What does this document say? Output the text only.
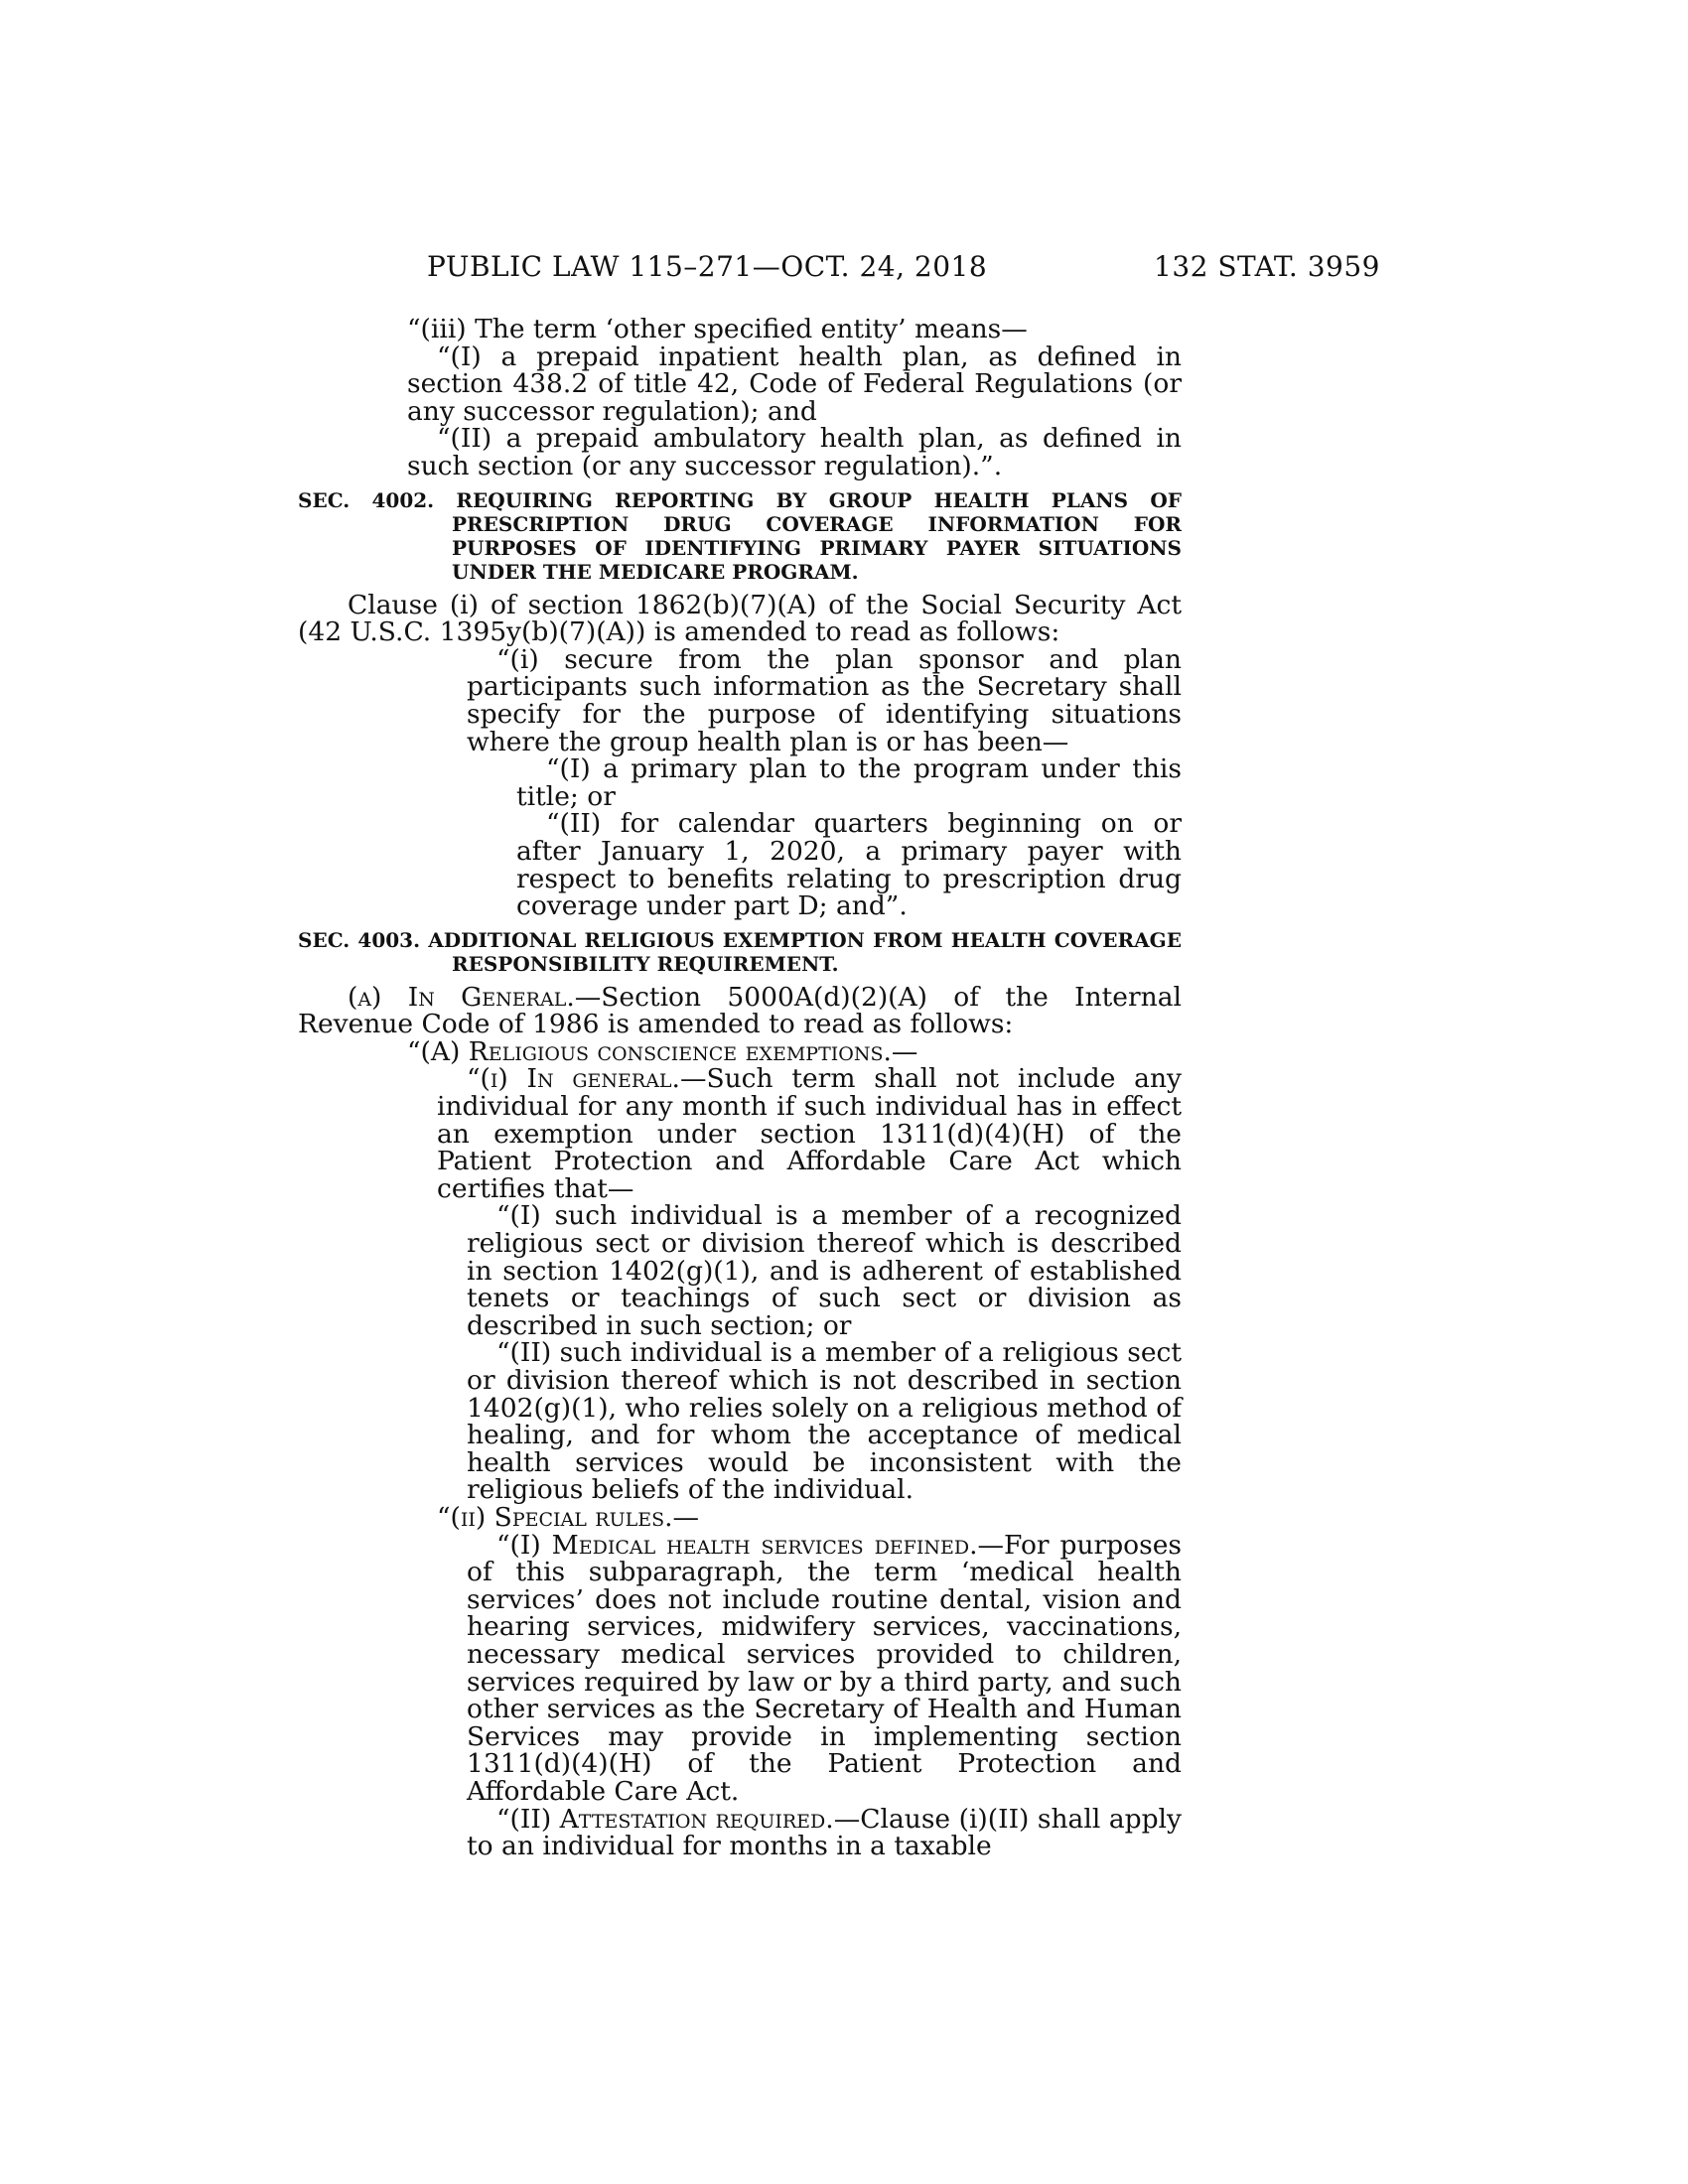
PUBLIC LAW 115–271—OCT. 24, 2018	132 STAT. 3959

“(iii) The term ‘other specified entity’ means—

“(I) a prepaid inpatient health plan, as defined in section 438.2 of title 42, Code of Federal Regulations (or any successor regulation); and

“(II) a prepaid ambulatory health plan, as defined in such section (or any successor regulation).”.

SEC. 4002. REQUIRING REPORTING BY GROUP HEALTH PLANS OF PRESCRIPTION DRUG COVERAGE INFORMATION FOR PURPOSES OF IDENTIFYING PRIMARY PAYER SITUATIONS UNDER THE MEDICARE PROGRAM.

Clause (i) of section 1862(b)(7)(A) of the Social Security Act (42 U.S.C. 1395y(b)(7)(A)) is amended to read as follows:

“(i) secure from the plan sponsor and plan participants such information as the Secretary shall specify for the purpose of identifying situations where the group health plan is or has been—

“(I) a primary plan to the program under this title; or

“(II) for calendar quarters beginning on or after January 1, 2020, a primary payer with respect to benefits relating to prescription drug coverage under part D; and”.

SEC. 4003. ADDITIONAL RELIGIOUS EXEMPTION FROM HEALTH COVERAGE RESPONSIBILITY REQUIREMENT.

(a) In General.—Section 5000A(d)(2)(A) of the Internal Revenue Code of 1986 is amended to read as follows:

“(A) Religious conscience exemptions.—

“(i) In general.—Such term shall not include any individual for any month if such individual has in effect an exemption under section 1311(d)(4)(H) of the Patient Protection and Affordable Care Act which certifies that—

“(I) such individual is a member of a recognized religious sect or division thereof which is described in section 1402(g)(1), and is adherent of established tenets or teachings of such sect or division as described in such section; or

“(II) such individual is a member of a religious sect or division thereof which is not described in section 1402(g)(1), who relies solely on a religious method of healing, and for whom the acceptance of medical health services would be inconsistent with the religious beliefs of the individual.

“(ii) Special rules.—

“(I) Medical health services defined.—For purposes of this subparagraph, the term ‘medical health services’ does not include routine dental, vision and hearing services, midwifery services, vaccinations, necessary medical services provided to children, services required by law or by a third party, and such other services as the Secretary of Health and Human Services may provide in implementing section 1311(d)(4)(H) of the Patient Protection and Affordable Care Act.

“(II) Attestation required.—Clause (i)(II) shall apply to an individual for months in a taxable
